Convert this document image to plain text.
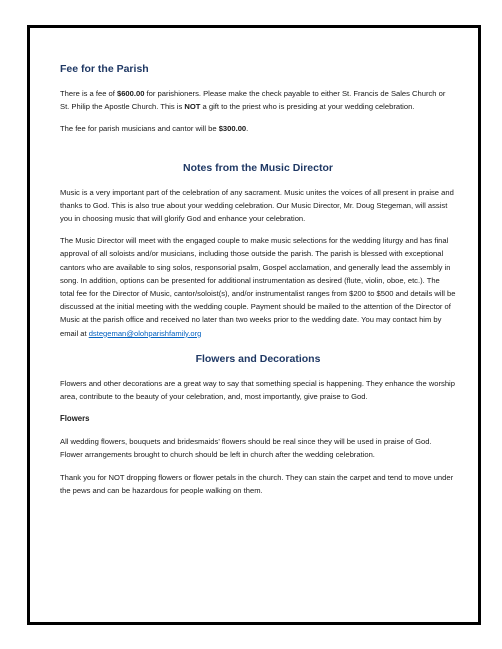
Fee for the Parish

There is a fee of $600.00 for parishioners. Please make the check payable to either St. Francis de Sales Church or St. Philip the Apostle Church. This is NOT a gift to the priest who is presiding at your wedding celebration.

The fee for parish musicians and cantor will be $300.00.

Notes from the Music Director

Music is a very important part of the celebration of any sacrament. Music unites the voices of all present in praise and thanks to God. This is also true about your wedding celebration. Our Music Director, Mr. Doug Stegeman, will assist you in choosing music that will glorify God and enhance your celebration.

The Music Director will meet with the engaged couple to make music selections for the wedding liturgy and has final approval of all soloists and/or musicians, including those outside the parish. The parish is blessed with exceptional cantors who are available to sing solos, responsorial psalm, Gospel acclamation, and generally lead the assembly in song. In addition, options can be presented for additional instrumentation as desired (flute, violin, oboe, etc.). The total fee for the Director of Music, cantor/soloist(s), and/or instrumentalist ranges from $200 to $500 and details will be discussed at the initial meeting with the wedding couple. Payment should be mailed to the attention of the Director of Music at the parish office and received no later than two weeks prior to the wedding date. You may contact him by email at dstegeman@olohparishfamily.org

Flowers and Decorations

Flowers and other decorations are a great way to say that something special is happening. They enhance the worship area, contribute to the beauty of your celebration, and, most importantly, give praise to God.

Flowers

All wedding flowers, bouquets and bridesmaids’ flowers should be real since they will be used in praise of God. Flower arrangements brought to church should be left in church after the wedding celebration.

Thank you for NOT dropping flowers or flower petals in the church. They can stain the carpet and tend to move under the pews and can be hazardous for people walking on them.
